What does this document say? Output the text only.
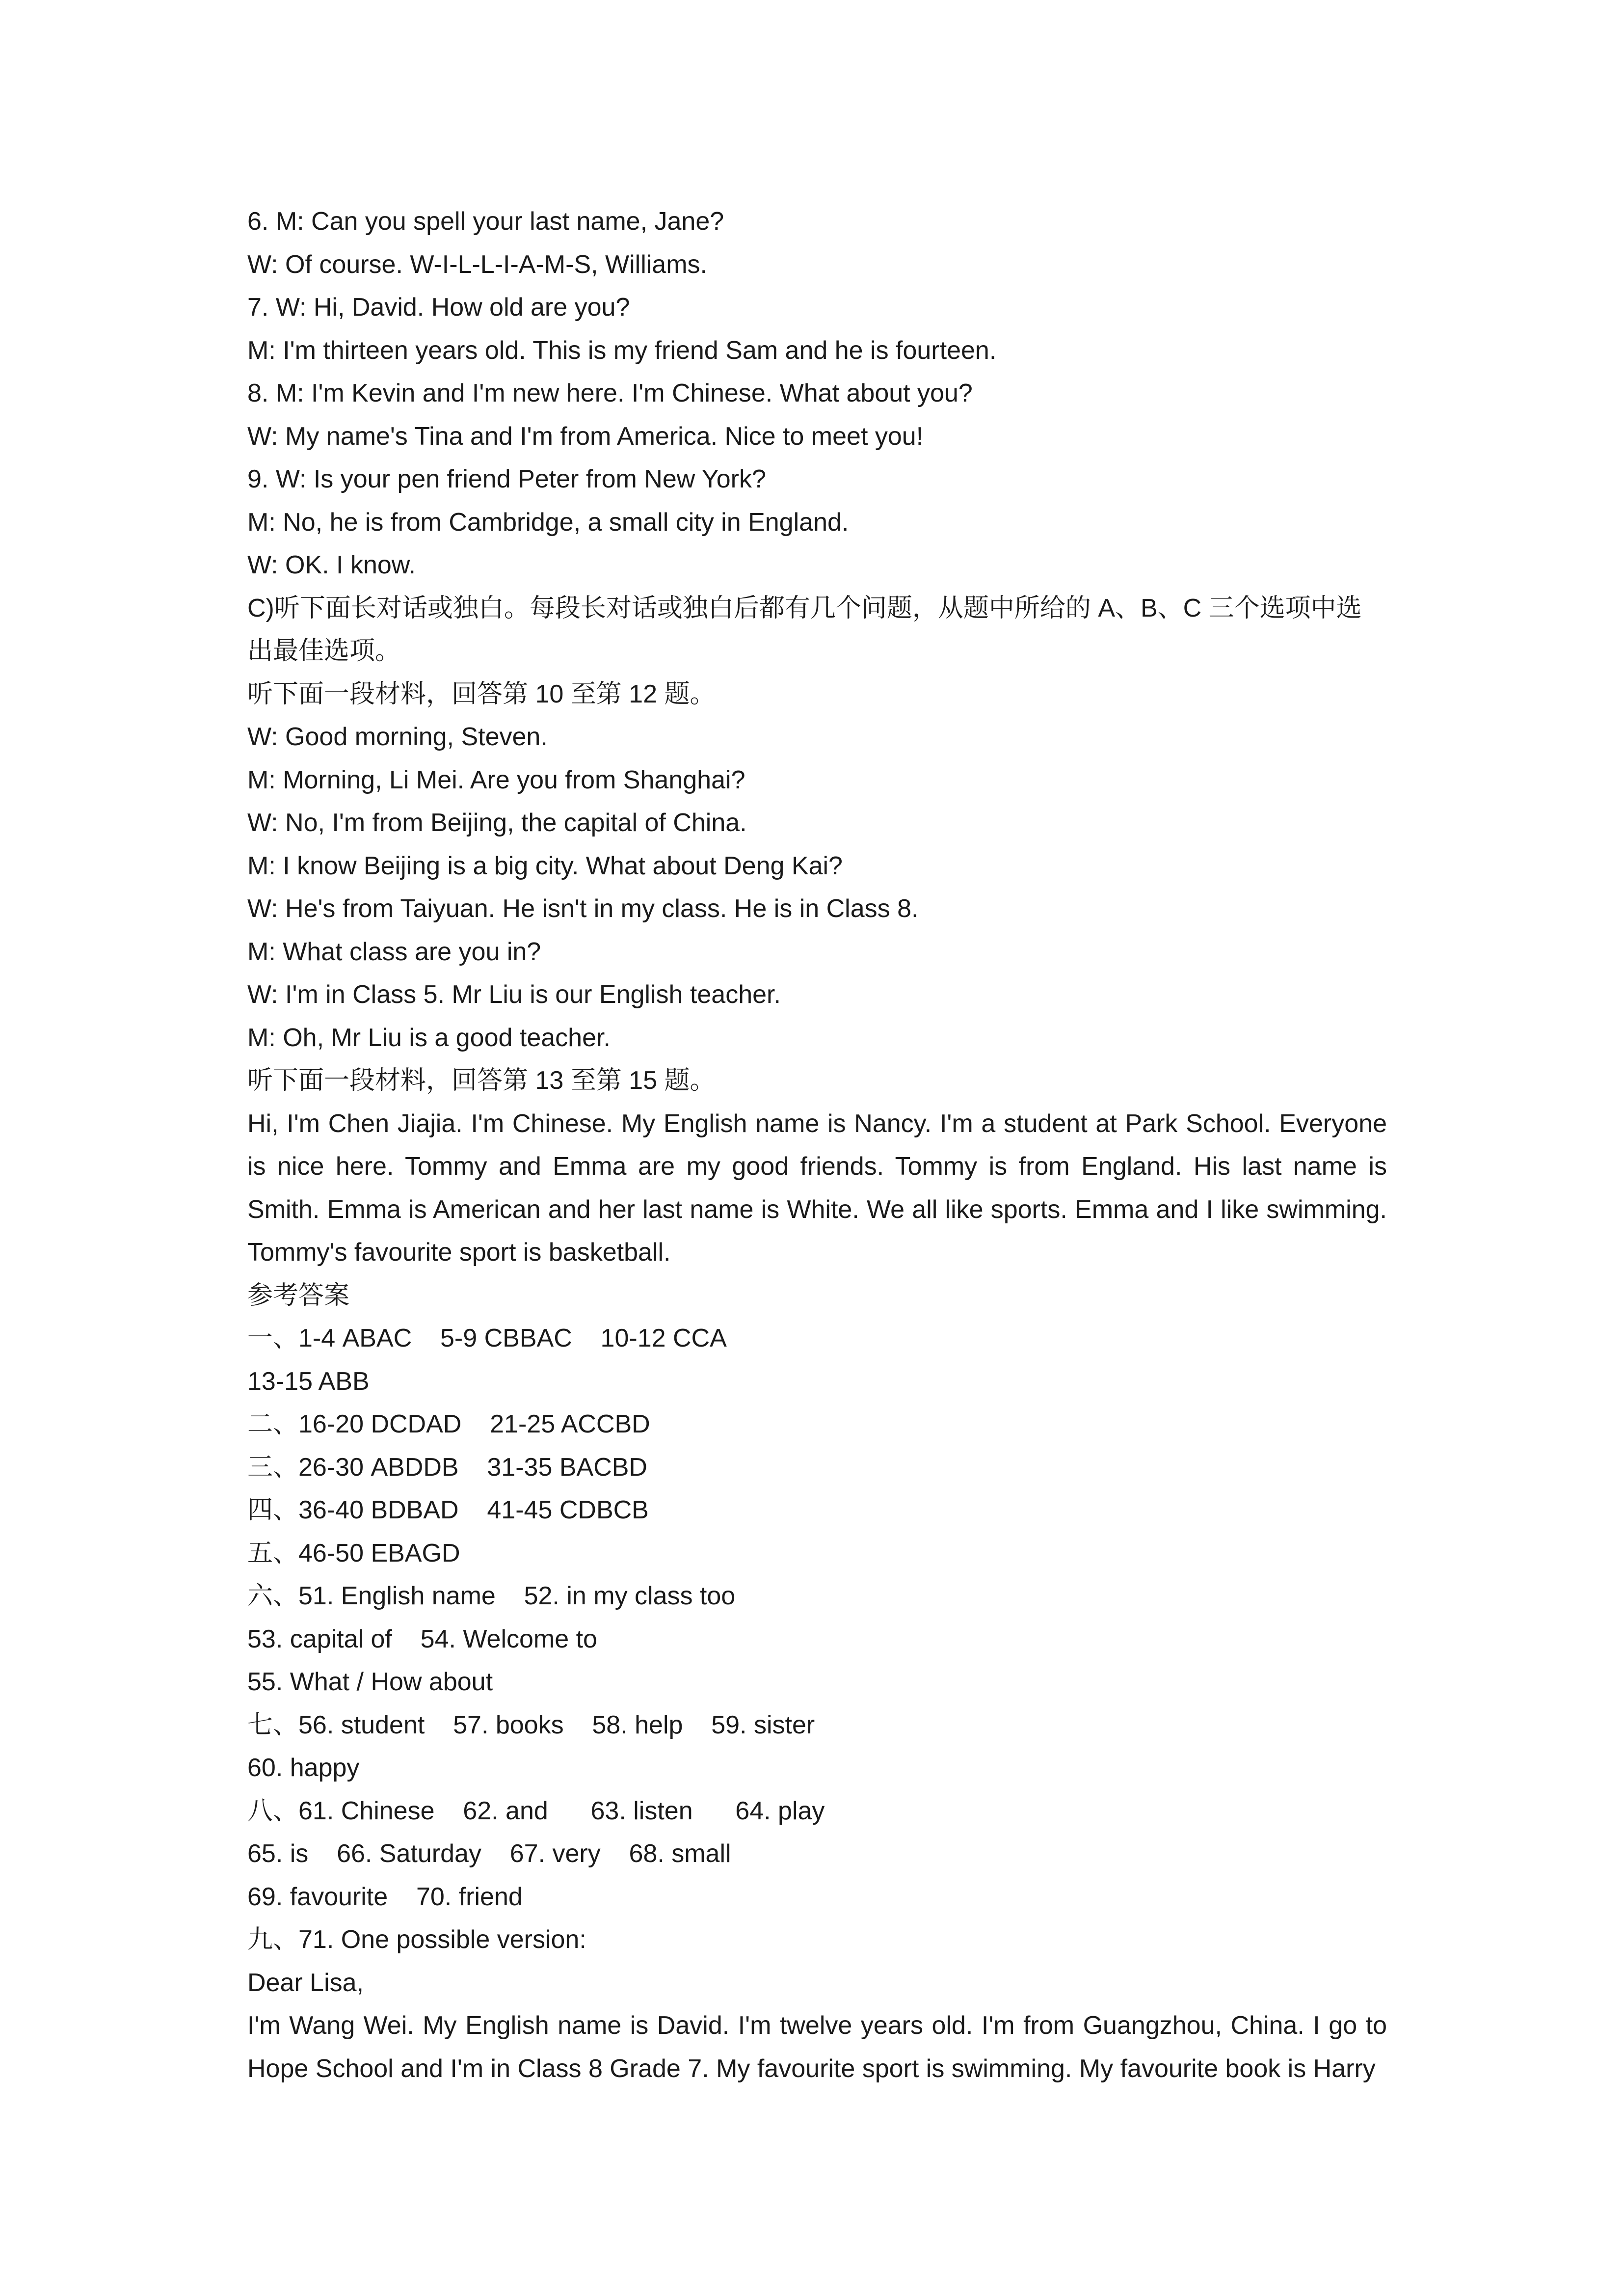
6. M: Can you spell your last name, Jane?
W: Of course. W-I-L-L-I-A-M-S, Williams.
7. W: Hi, David. How old are you?
M: I'm thirteen years old. This is my friend Sam and he is fourteen.
8. M: I'm Kevin and I'm new here. I'm Chinese. What about you?
W: My name's Tina and I'm from America. Nice to meet you!
9. W: Is your pen friend Peter from New York?
M: No, he is from Cambridge, a small city in England.
W: OK. I know.
C)听下面长对话或独白。每段长对话或独白后都有几个问题，从题中所给的 A、B、C 三个选项中选出最佳选项。
听下面一段材料，回答第 10 至第 12 题。
W: Good morning, Steven.
M: Morning, Li Mei. Are you from Shanghai?
W: No, I'm from Beijing, the capital of China.
M: I know Beijing is a big city. What about Deng Kai?
W: He's from Taiyuan. He isn't in my class. He is in Class 8.
M: What class are you in?
W: I'm in Class 5. Mr Liu is our English teacher.
M: Oh, Mr Liu is a good teacher.
听下面一段材料，回答第 13 至第 15 题。
Hi, I'm Chen Jiajia. I'm Chinese. My English name is Nancy. I'm a student at Park School. Everyone is nice here. Tommy and Emma are my good friends. Tommy is from England. His last name is Smith. Emma is American and her last name is White. We all like sports. Emma and I like swimming. Tommy's favourite sport is basketball.
参考答案
一、1-4 ABAC    5-9 CBBAC    10-12 CCA
13-15 ABB
二、16-20 DCDAD    21-25 ACCBD
三、26-30 ABDDB    31-35 BACBD
四、36-40 BDBAD    41-45 CDBCB
五、46-50 EBAGD
六、51. English name    52. in my class too
53. capital of    54. Welcome to
55. What / How about
七、56. student    57. books    58. help    59. sister
60. happy
八、61. Chinese    62. and      63. listen      64. play
65. is    66. Saturday    67. very    68. small
69. favourite    70. friend
九、71. One possible version:
Dear Lisa,
I'm Wang Wei. My English name is David. I'm twelve years old. I'm from Guangzhou, China. I go to Hope School and I'm in Class 8 Grade 7. My favourite sport is swimming. My favourite book is Harry
